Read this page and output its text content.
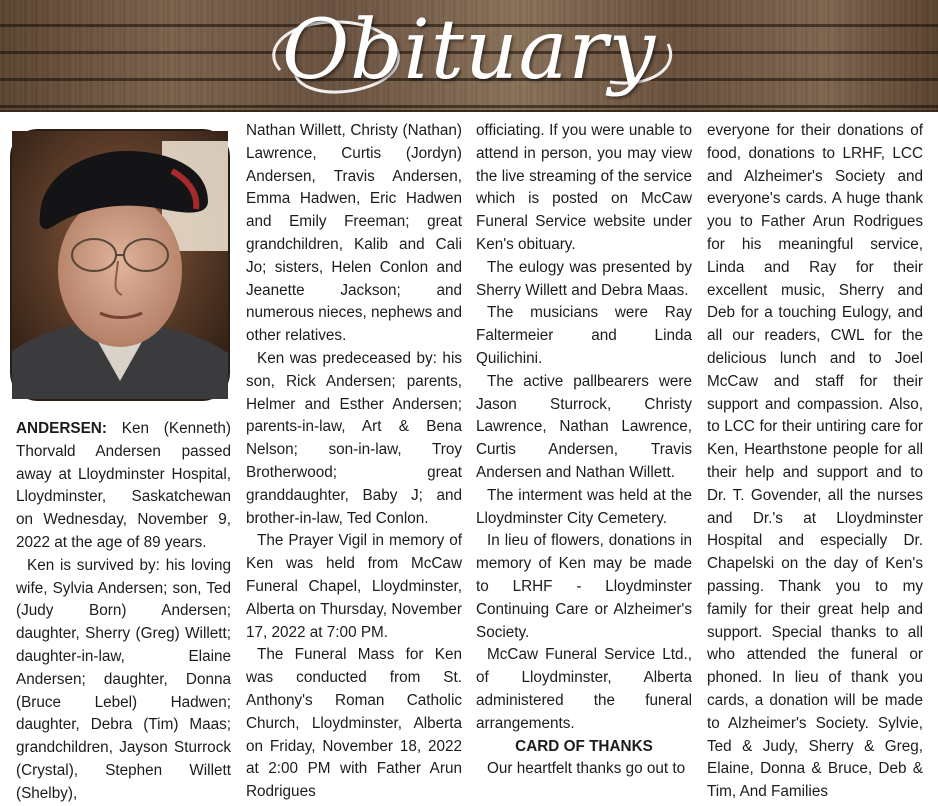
Obituary

ANDERSEN: Ken (Kenneth) Thorvald Andersen passed away at Lloydminster Hospital, Lloydminster, Saskatchewan on Wednesday, November 9, 2022 at the age of 89 years.

Ken is survived by: his loving wife, Sylvia Andersen; son, Ted (Judy Born) Andersen; daughter, Sherry (Greg) Willett; daughter-in-law, Elaine Andersen; daughter, Donna (Bruce Lebel) Hadwen; daughter, Debra (Tim) Maas; grandchildren, Jayson Sturrock (Crystal), Stephen Willett (Shelby),

Nathan Willett, Christy (Nathan) Lawrence, Curtis (Jordyn) Andersen, Travis Andersen, Emma Hadwen, Eric Hadwen and Emily Freeman; great grandchildren, Kalib and Cali Jo; sisters, Helen Conlon and Jeanette Jackson; and numerous nieces, nephews and other relatives.

Ken was predeceased by: his son, Rick Andersen; parents, Helmer and Esther Andersen; parents-in-law, Art & Bena Nelson; son-in-law, Troy Brotherwood; great granddaughter, Baby J; and brother-in-law, Ted Conlon.

The Prayer Vigil in memory of Ken was held from McCaw Funeral Chapel, Lloydminster, Alberta on Thursday, November 17, 2022 at 7:00 PM.

The Funeral Mass for Ken was conducted from St. Anthony's Roman Catholic Church, Lloydminster, Alberta on Friday, November 18, 2022 at 2:00 PM with Father Arun Rodrigues

officiating. If you were unable to attend in person, you may view the live streaming of the service which is posted on McCaw Funeral Service website under Ken's obituary.

The eulogy was presented by Sherry Willett and Debra Maas.

The musicians were Ray Faltermeier and Linda Quilichini.

The active pallbearers were Jason Sturrock, Christy Lawrence, Nathan Lawrence, Curtis Andersen, Travis Andersen and Nathan Willett.

The interment was held at the Lloydminster City Cemetery.

In lieu of flowers, donations in memory of Ken may be made to LRHF - Lloydminster Continuing Care or Alzheimer's Society.

McCaw Funeral Service Ltd., of Lloydminster, Alberta administered the funeral arrangements.

CARD OF THANKS

Our heartfelt thanks go out to

everyone for their donations of food, donations to LRHF, LCC and Alzheimer's Society and everyone's cards. A huge thank you to Father Arun Rodrigues for his meaningful service, Linda and Ray for their excellent music, Sherry and Deb for a touching Eulogy, and all our readers, CWL for the delicious lunch and to Joel McCaw and staff for their support and compassion. Also, to LCC for their untiring care for Ken, Hearthstone people for all their help and support and to Dr. T. Govender, all the nurses and Dr.'s at Lloydminster Hospital and especially Dr. Chapelski on the day of Ken's passing. Thank you to my family for their great help and support. Special thanks to all who attended the funeral or phoned. In lieu of thank you cards, a donation will be made to Alzheimer's Society. Sylvie, Ted & Judy, Sherry & Greg, Elaine, Donna & Bruce, Deb & Tim, And Families
